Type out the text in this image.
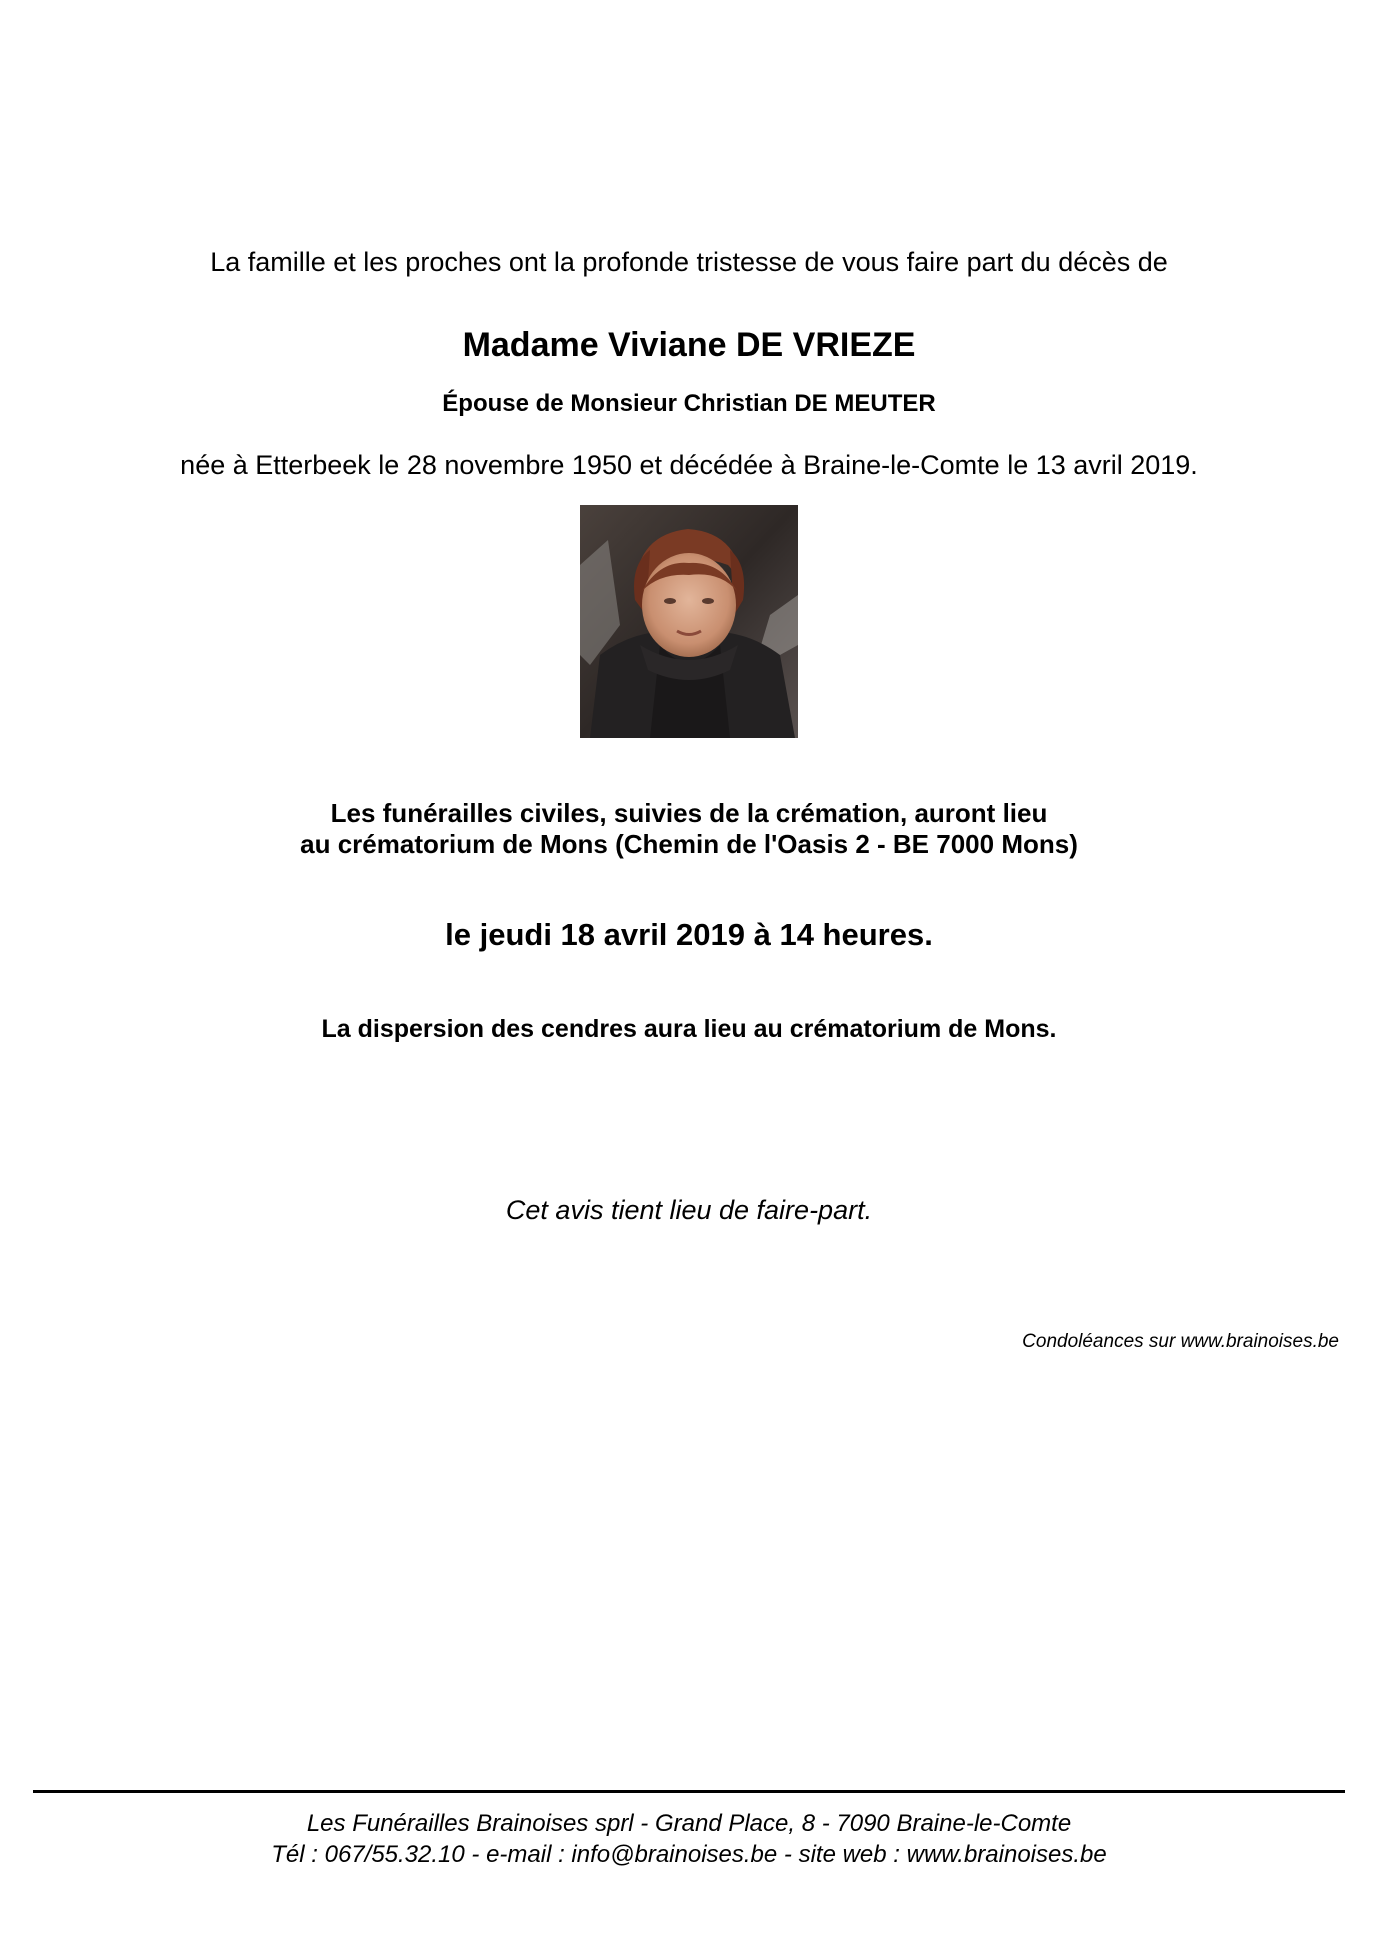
La famille et les proches ont la profonde tristesse de vous faire part du décès de
Madame Viviane DE VRIEZE
Épouse de Monsieur Christian DE MEUTER
née à Etterbeek le 28 novembre 1950 et décédée à Braine-le-Comte le 13 avril 2019.
Les funérailles civiles, suivies de la crémation, auront lieu
au crématorium de Mons (Chemin de l'Oasis 2 - BE 7000 Mons)
le jeudi 18 avril 2019 à 14 heures.
La dispersion des cendres aura lieu au crématorium de Mons.
Cet avis tient lieu de faire-part.
Condoléances sur www.brainoises.be
Les Funérailles Brainoises sprl - Grand Place, 8 - 7090 Braine-le-Comte
Tél : 067/55.32.10 - e-mail : info@brainoises.be - site web : www.brainoises.be
